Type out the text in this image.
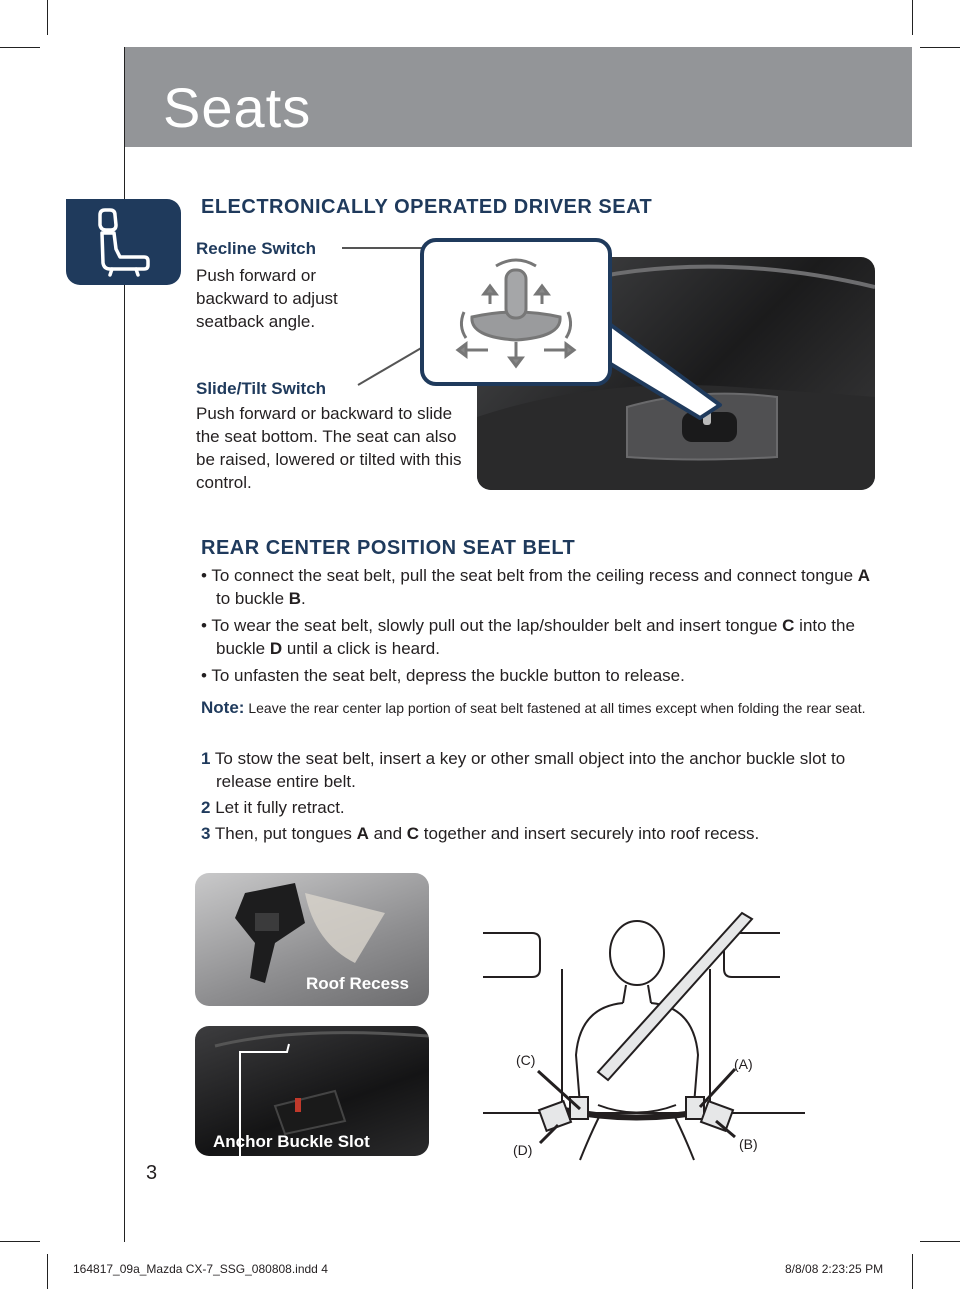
Seats
ELECTRONICALLY OPERATED DRIVER SEAT
Recline Switch
Push forward or backward to adjust seatback angle.
Slide/Tilt Switch
Push forward or backward to slide the seat bottom. The seat can also be raised, lowered or tilted with this control.
REAR CENTER POSITION SEAT BELT
• To connect the seat belt, pull the seat belt from the ceiling recess and connect tongue A to buckle B.
• To wear the seat belt, slowly pull out the lap/shoulder belt and insert tongue C into the buckle D until a click is heard.
• To unfasten the seat belt, depress the buckle button to release.
Note: Leave the rear center lap portion of seat belt fastened at all times except when folding the rear seat.
1 To stow the seat belt, insert a key or other small object into the anchor buckle slot to release entire belt.
2 Let it fully retract.
3 Then, put tongues A and C together and insert securely into roof recess.
Roof Recess
Anchor Buckle Slot
(C)	(A)
(D)	(B)
3
164817_09a_Mazda CX-7_SSG_080808.indd 4	8/8/08 2:23:25 PM
